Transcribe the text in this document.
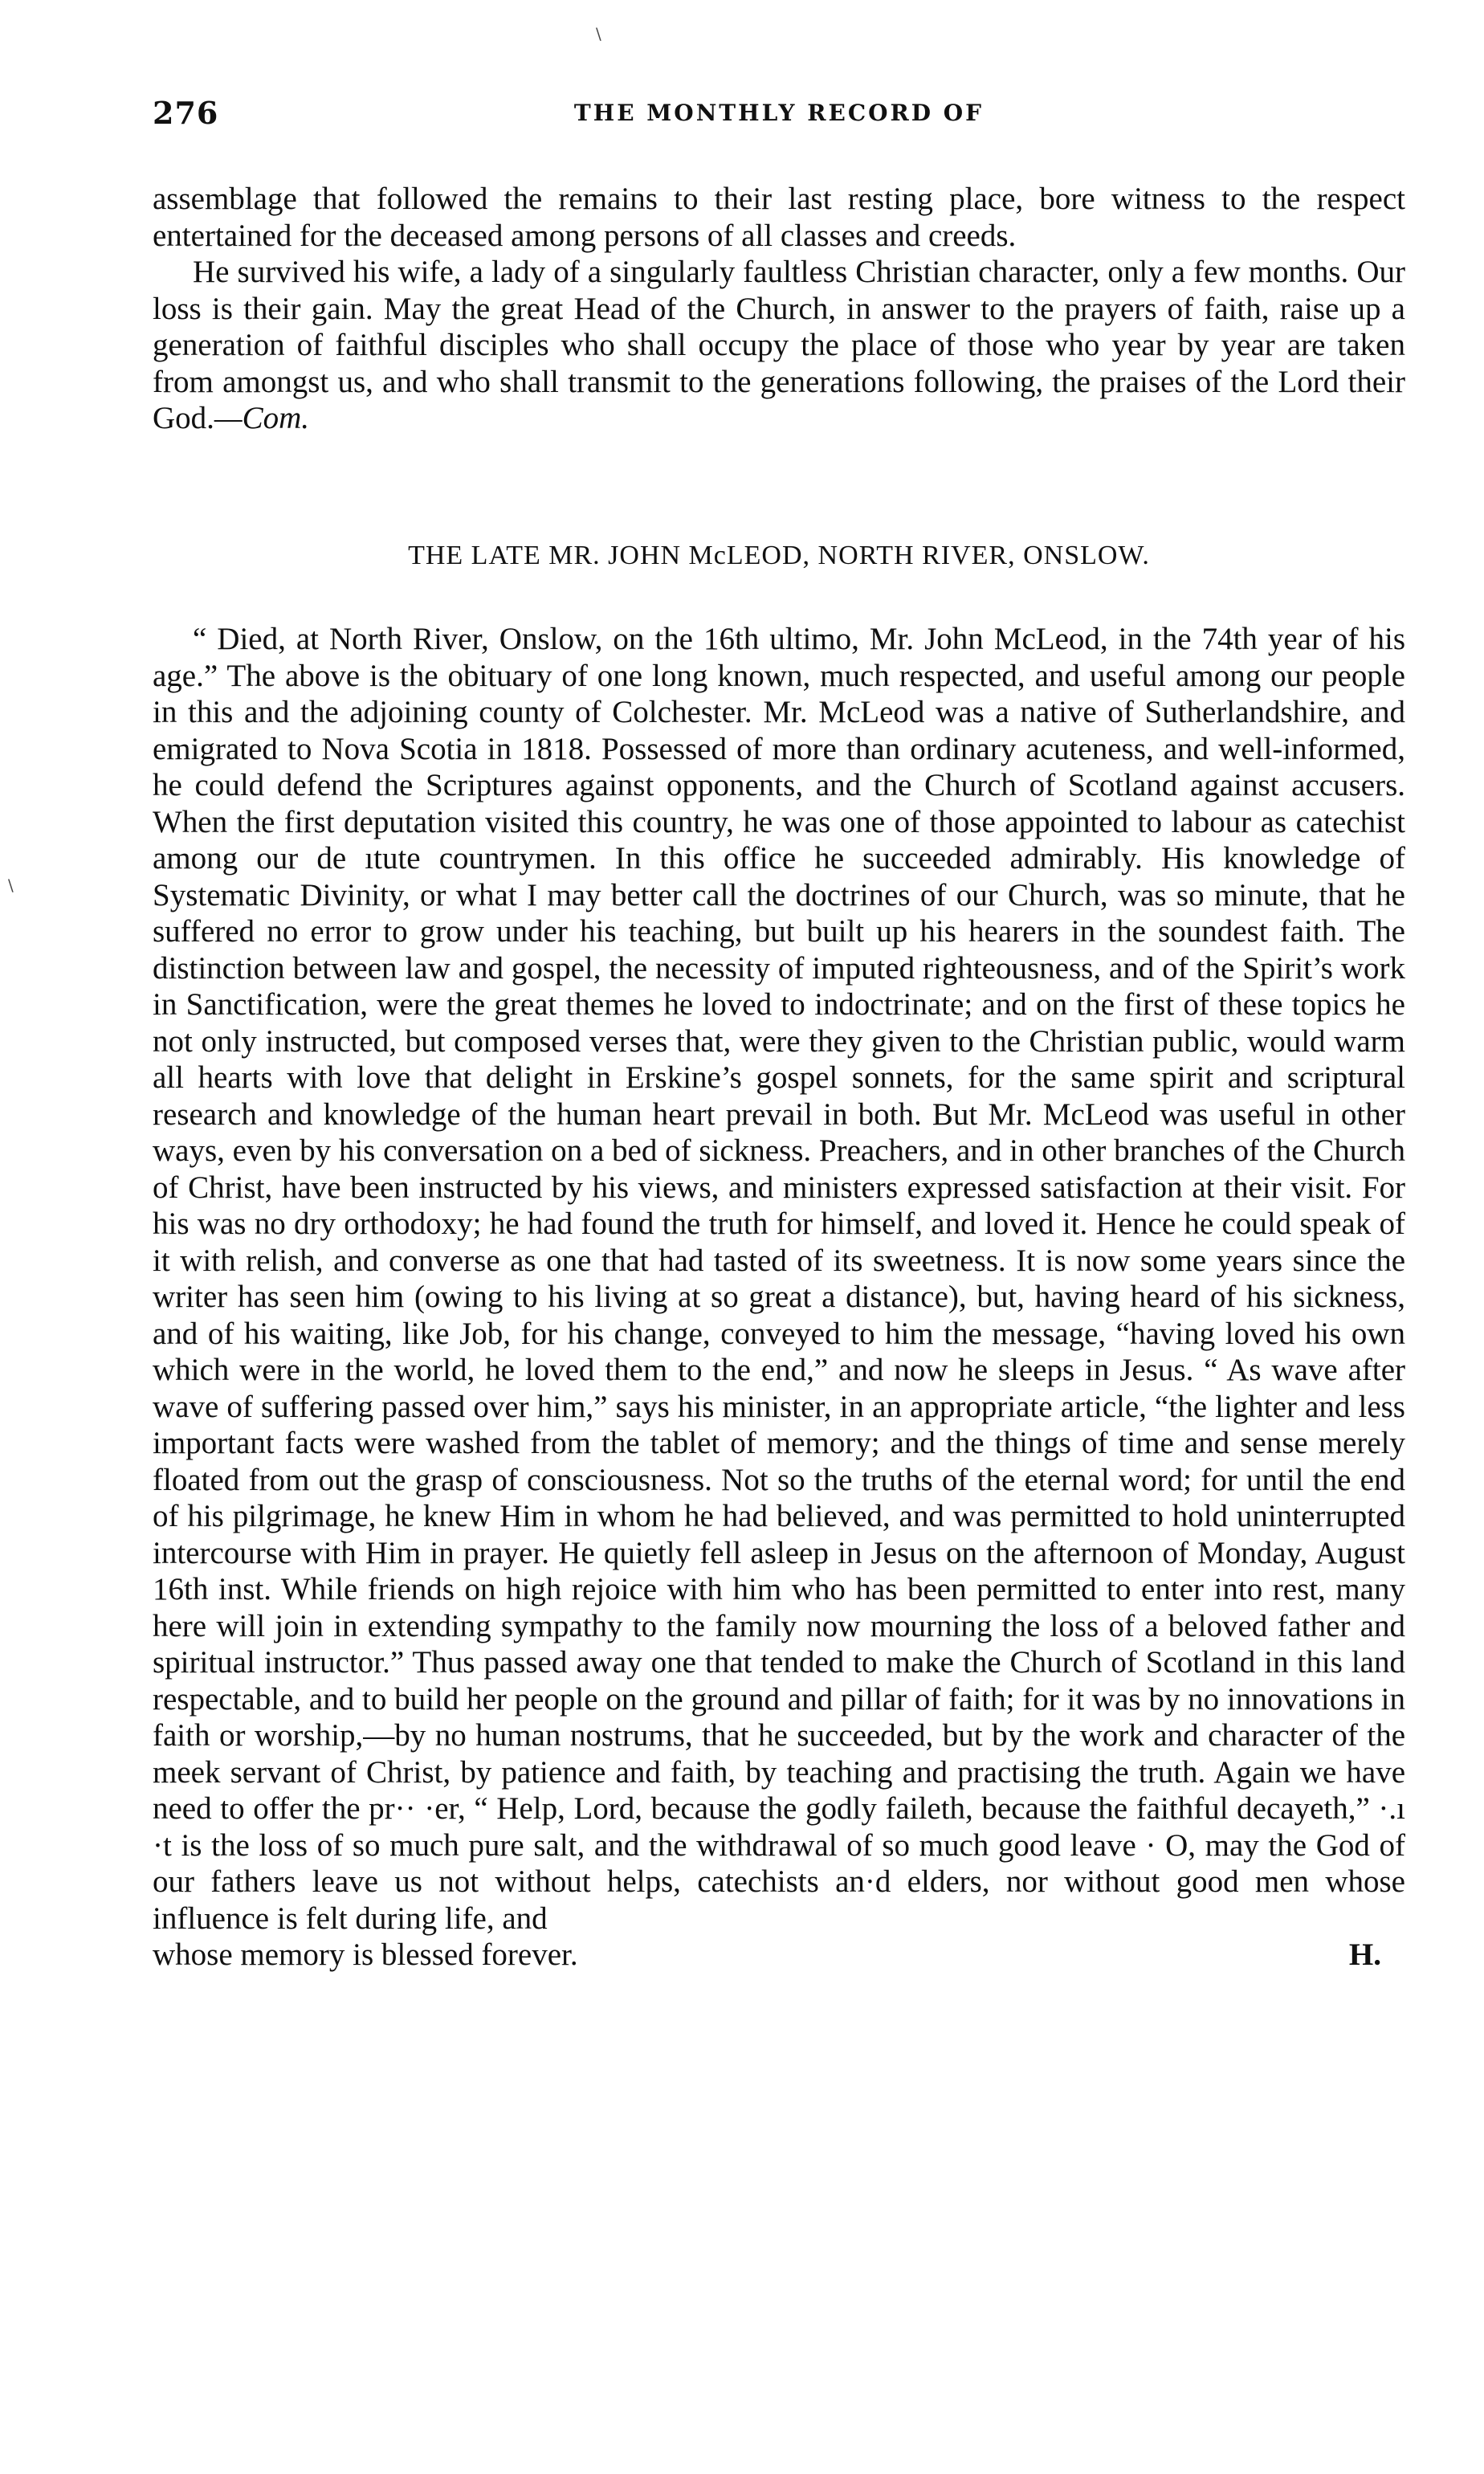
\
\
276	THE MONTHLY RECORD OF

assemblage that followed the remains to their last resting place, bore witness to the respect entertained for the deceased among persons of all classes and creeds.

He survived his wife, a lady of a singularly faultless Christian character, only a few months. Our loss is their gain. May the great Head of the Church, in answer to the prayers of faith, raise up a generation of faithful disciples who shall occupy the place of those who year by year are taken from amongst us, and who shall transmit to the generations following, the praises of the Lord their God.—Com.

THE LATE MR. JOHN McLEOD, NORTH RIVER, ONSLOW.

“ Died, at North River, Onslow, on the 16th ultimo, Mr. John McLeod, in the 74th year of his age.” The above is the obituary of one long known, much respected, and useful among our people in this and the adjoining county of Colchester. Mr. McLeod was a native of Sutherlandshire, and emigrated to Nova Scotia in 1818. Possessed of more than ordinary acuteness, and well-informed, he could defend the Scriptures against opponents, and the Church of Scotland against accusers. When the first deputation visited this country, he was one of those appointed to labour as catechist among our de ıtute countrymen. In this office he succeeded admirably. His knowledge of Systematic Divinity, or what I may better call the doctrines of our Church, was so minute, that he suffered no error to grow under his teaching, but built up his hearers in the soundest faith. The distinction between law and gospel, the necessity of imputed righteousness, and of the Spirit’s work in Sanctification, were the great themes he loved to indoctrinate; and on the first of these topics he not only instructed, but composed verses that, were they given to the Christian public, would warm all hearts with love that delight in Erskine’s gospel sonnets, for the same spirit and scriptural research and knowledge of the human heart prevail in both. But Mr. McLeod was useful in other ways, even by his conversation on a bed of sickness. Preachers, and in other branches of the Church of Christ, have been instructed by his views, and ministers expressed satisfaction at their visit. For his was no dry orthodoxy; he had found the truth for himself, and loved it. Hence he could speak of it with relish, and converse as one that had tasted of its sweetness. It is now some years since the writer has seen him (owing to his living at so great a distance), but, having heard of his sickness, and of his waiting, like Job, for his change, conveyed to him the message, “having loved his own which were in the world, he loved them to the end,” and now he sleeps in Jesus. “ As wave after wave of suffering passed over him,” says his minister, in an appropriate article, “the lighter and less important facts were washed from the tablet of memory; and the things of time and sense merely floated from out the grasp of consciousness. Not so the truths of the eternal word; for until the end of his pilgrimage, he knew Him in whom he had believed, and was permitted to hold uninterrupted intercourse with Him in prayer. He quietly fell asleep in Jesus on the afternoon of Monday, August 16th inst. While friends on high rejoice with him who has been permitted to enter into rest, many here will join in extending sympathy to the family now mourning the loss of a beloved father and spiritual instructor.” Thus passed away one that tended to make the Church of Scotland in this land respectable, and to build her people on the ground and pillar of faith; for it was by no innovations in faith or worship,—by no human nostrums, that he succeeded, but by the work and character of the meek servant of Christ, by patience and faith, by teaching and practising the truth. Again we have need to offer the pr·· ·er, “ Help, Lord, because the godly faileth, because the faithful decayeth,” ·.ı ·t is the loss of so much pure salt, and the withdrawal of so much good leave · O, may the God of our fathers leave us not without helps, catechists an·d elders, nor without good men whose influence is felt during life, and

whose memory is blessed forever.	H.
